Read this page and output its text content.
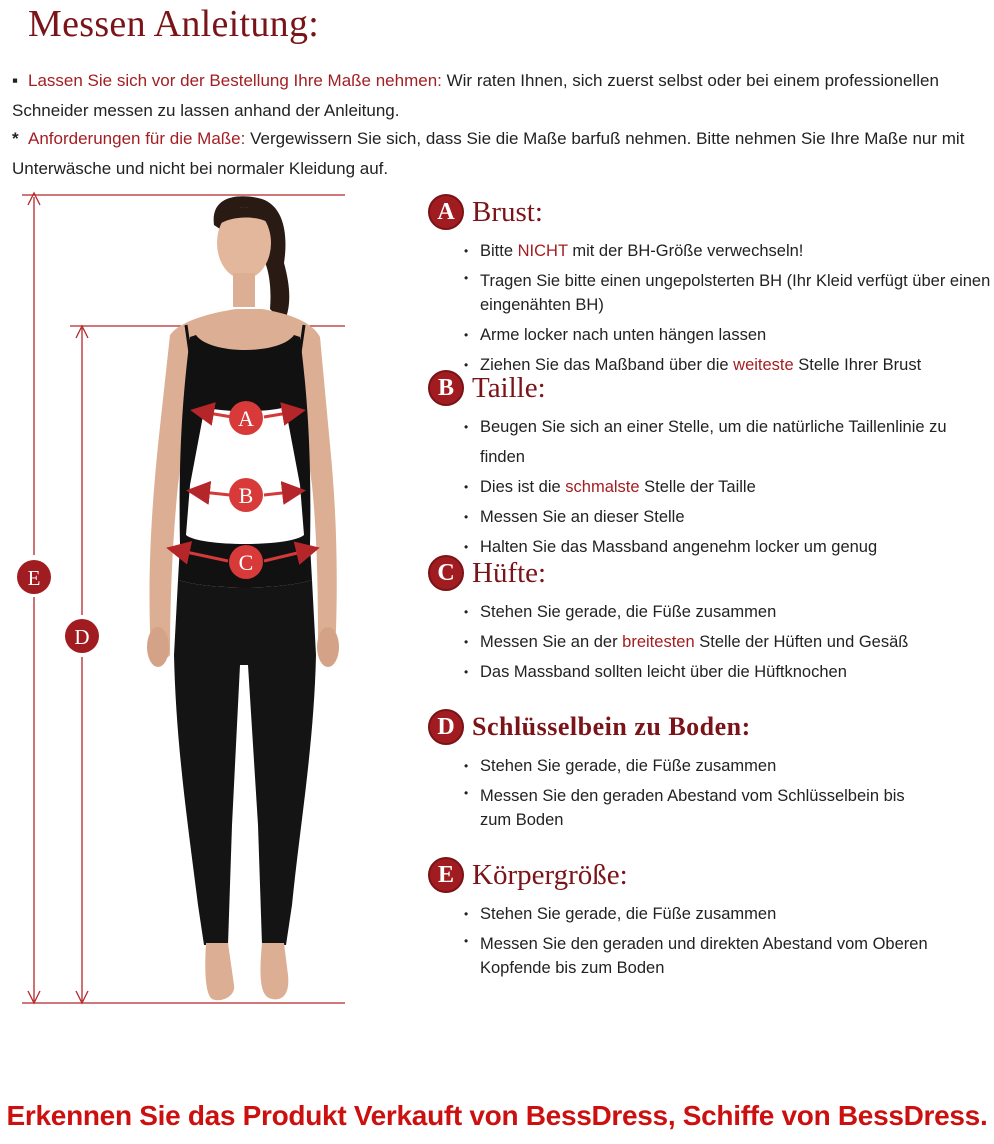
Messen Anleitung:
▪ Lassen Sie sich vor der Bestellung Ihre Maße nehmen: Wir raten Ihnen, sich zuerst selbst oder bei einem professionellen Schneider messen zu lassen anhand der Anleitung.
* Anforderungen für die Maße: Vergewissern Sie sich, dass Sie die Maße barfuß nehmen. Bitte nehmen Sie Ihre Maße nur mit Unterwäsche und nicht bei normaler Kleidung auf.
A
B
C
E
D
A Brust:
• Bitte NICHT mit der BH-Größe verwechseln!
• Tragen Sie bitte einen ungepolsterten BH (Ihr Kleid verfügt über einen eingenähten BH)
• Arme locker nach unten hängen lassen
• Ziehen Sie das Maßband über die weiteste Stelle Ihrer Brust
B Taille:
• Beugen Sie sich an einer Stelle, um die natürliche Taillenlinie zu finden
• Dies ist die schmalste Stelle der Taille
• Messen Sie an dieser Stelle
• Halten Sie das Massband angenehm locker um genug
C Hüfte:
• Stehen Sie gerade, die Füße zusammen
• Messen Sie an der breitesten Stelle der Hüften und Gesäß
• Das Massband sollten leicht über die Hüftknochen
D Schlüsselbein zu Boden:
• Stehen Sie gerade, die Füße zusammen
• Messen Sie den geraden Abestand vom Schlüsselbein bis zum Boden
E Körpergröße:
• Stehen Sie gerade, die Füße zusammen
• Messen Sie den geraden und direkten Abestand vom Oberen Kopfende bis zum Boden
Erkennen Sie das Produkt Verkauft von BessDress, Schiffe von BessDress.
